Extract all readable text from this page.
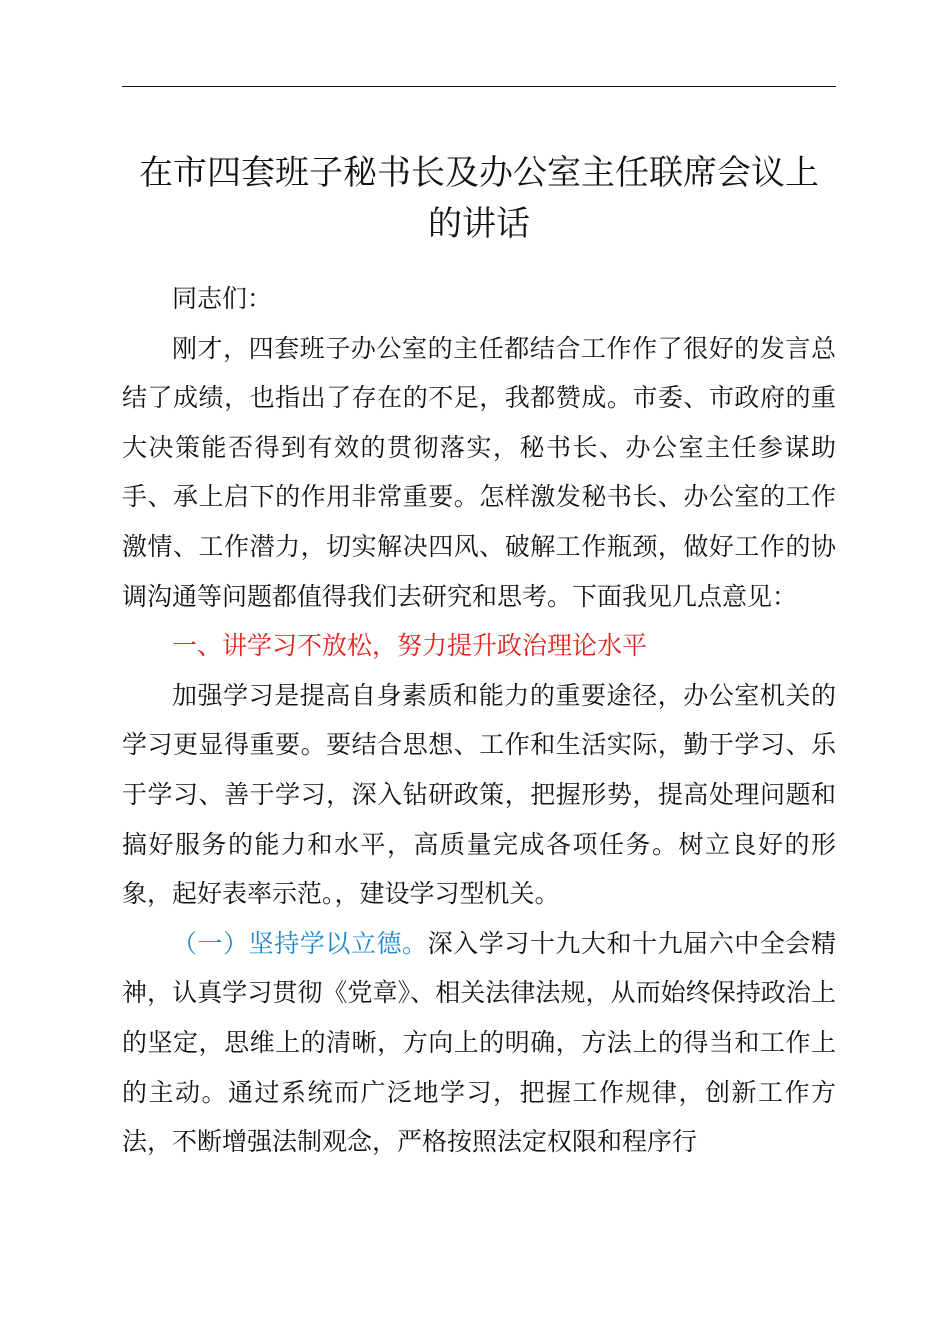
在市四套班子秘书长及办公室主任联席会议上
的讲话

同志们：

刚才，四套班子办公室的主任都结合工作作了很好的发言总结了成绩，也指出了存在的不足，我都赞成。市委、市政府的重大决策能否得到有效的贯彻落实，秘书长、办公室主任参谋助手、承上启下的作用非常重要。怎样激发秘书长、办公室的工作激情、工作潜力，切实解决四风、破解工作瓶颈，做好工作的协调沟通等问题都值得我们去研究和思考。下面我见几点意见：

一、讲学习不放松，努力提升政治理论水平

加强学习是提高自身素质和能力的重要途径，办公室机关的学习更显得重要。要结合思想、工作和生活实际，勤于学习、乐于学习、善于学习，深入钻研政策，把握形势，提高处理问题和搞好服务的能力和水平，高质量完成各项任务。树立良好的形象，起好表率示范。，建设学习型机关。

（一）坚持学以立德。深入学习十九大和十九届六中全会精神，认真学习贯彻《党章》、相关法律法规，从而始终保持政治上的坚定，思维上的清晰，方向上的明确，方法上的得当和工作上的主动。通过系统而广泛地学习，把握工作规律，创新工作方法，不断增强法制观念，严格按照法定权限和程序行
